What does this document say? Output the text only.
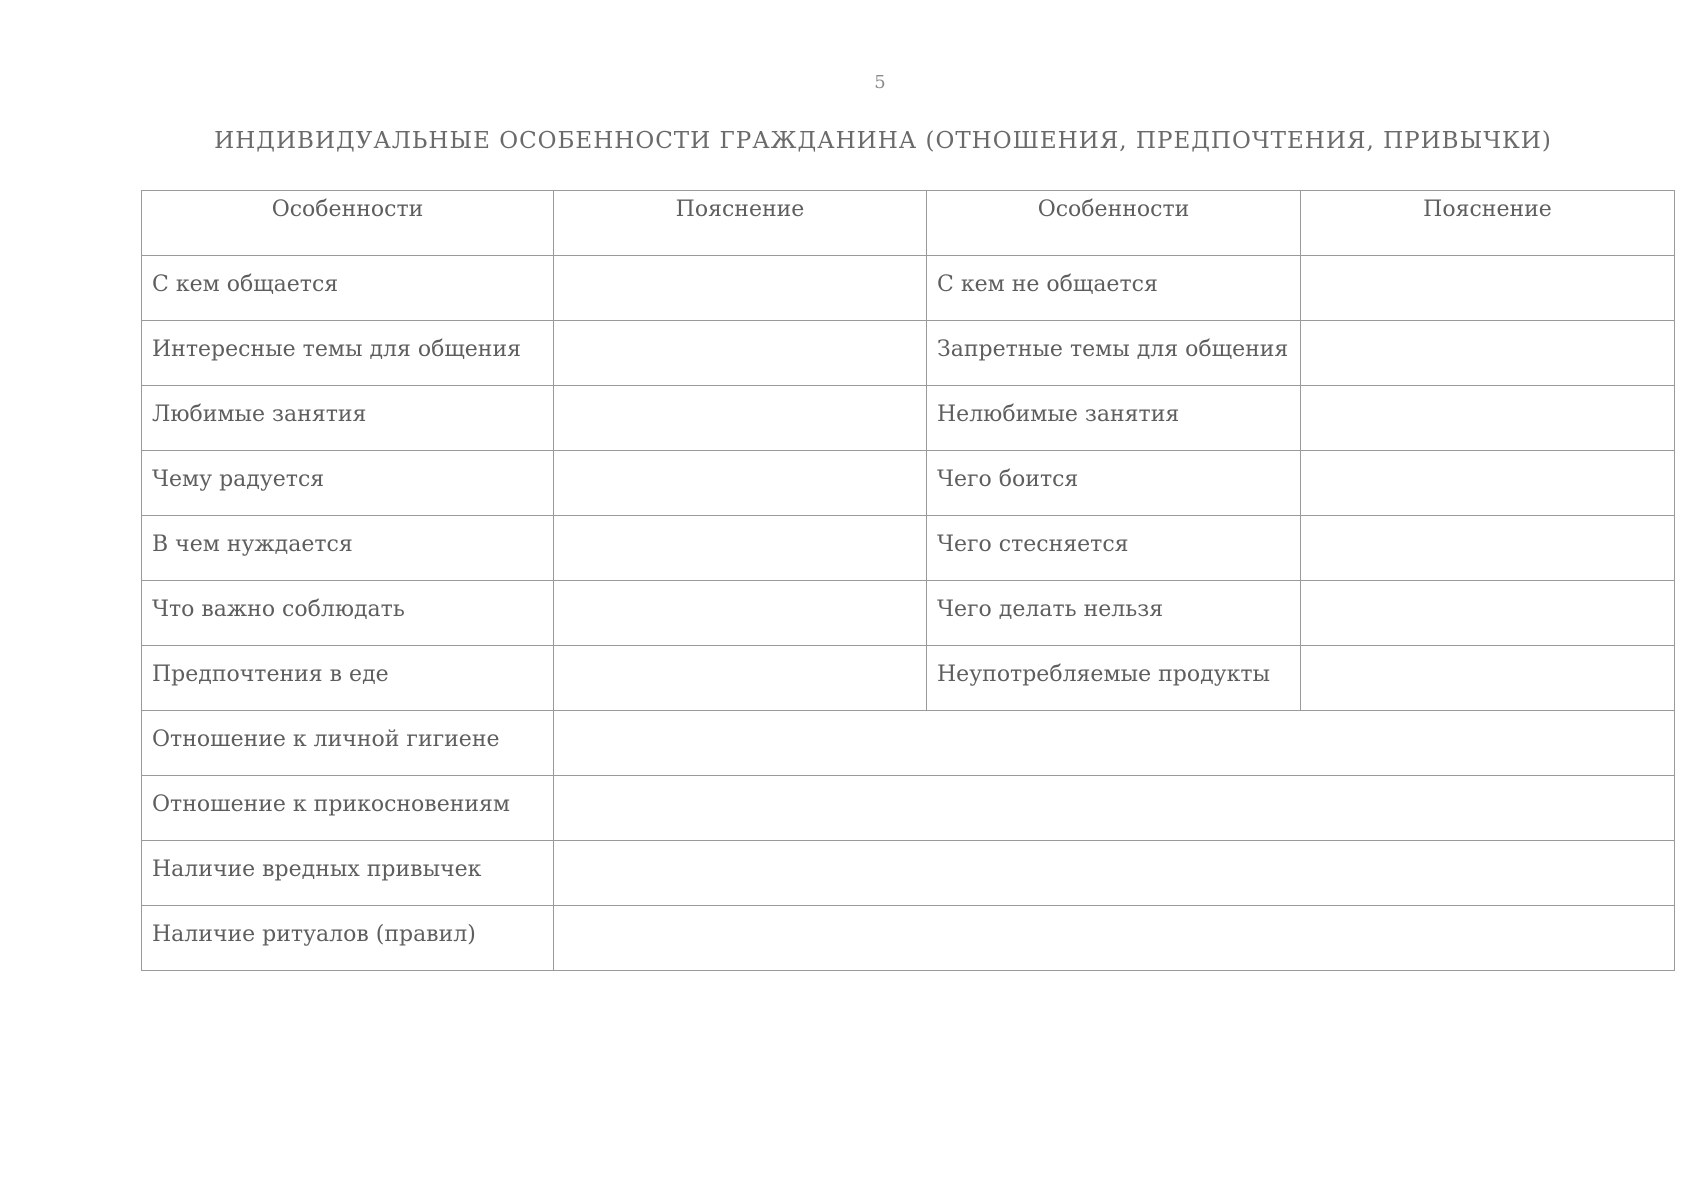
5
ИНДИВИДУАЛЬНЫЕ ОСОБЕННОСТИ ГРАЖДАНИНА (ОТНОШЕНИЯ, ПРЕДПОЧТЕНИЯ, ПРИВЫЧКИ)
Особенности	Пояснение	Особенности	Пояснение
С кем общается		С кем не общается	
Интересные темы для общения		Запретные темы для общения	
Любимые занятия		Нелюбимые занятия	
Чему радуется		Чего боится	
В чем нуждается		Чего стесняется	
Что важно соблюдать		Чего делать нельзя	
Предпочтения в еде		Неупотребляемые продукты	
Отношение к личной гигиене			
Отношение к прикосновениям			
Наличие вредных привычек			
Наличие ритуалов (правил)			
